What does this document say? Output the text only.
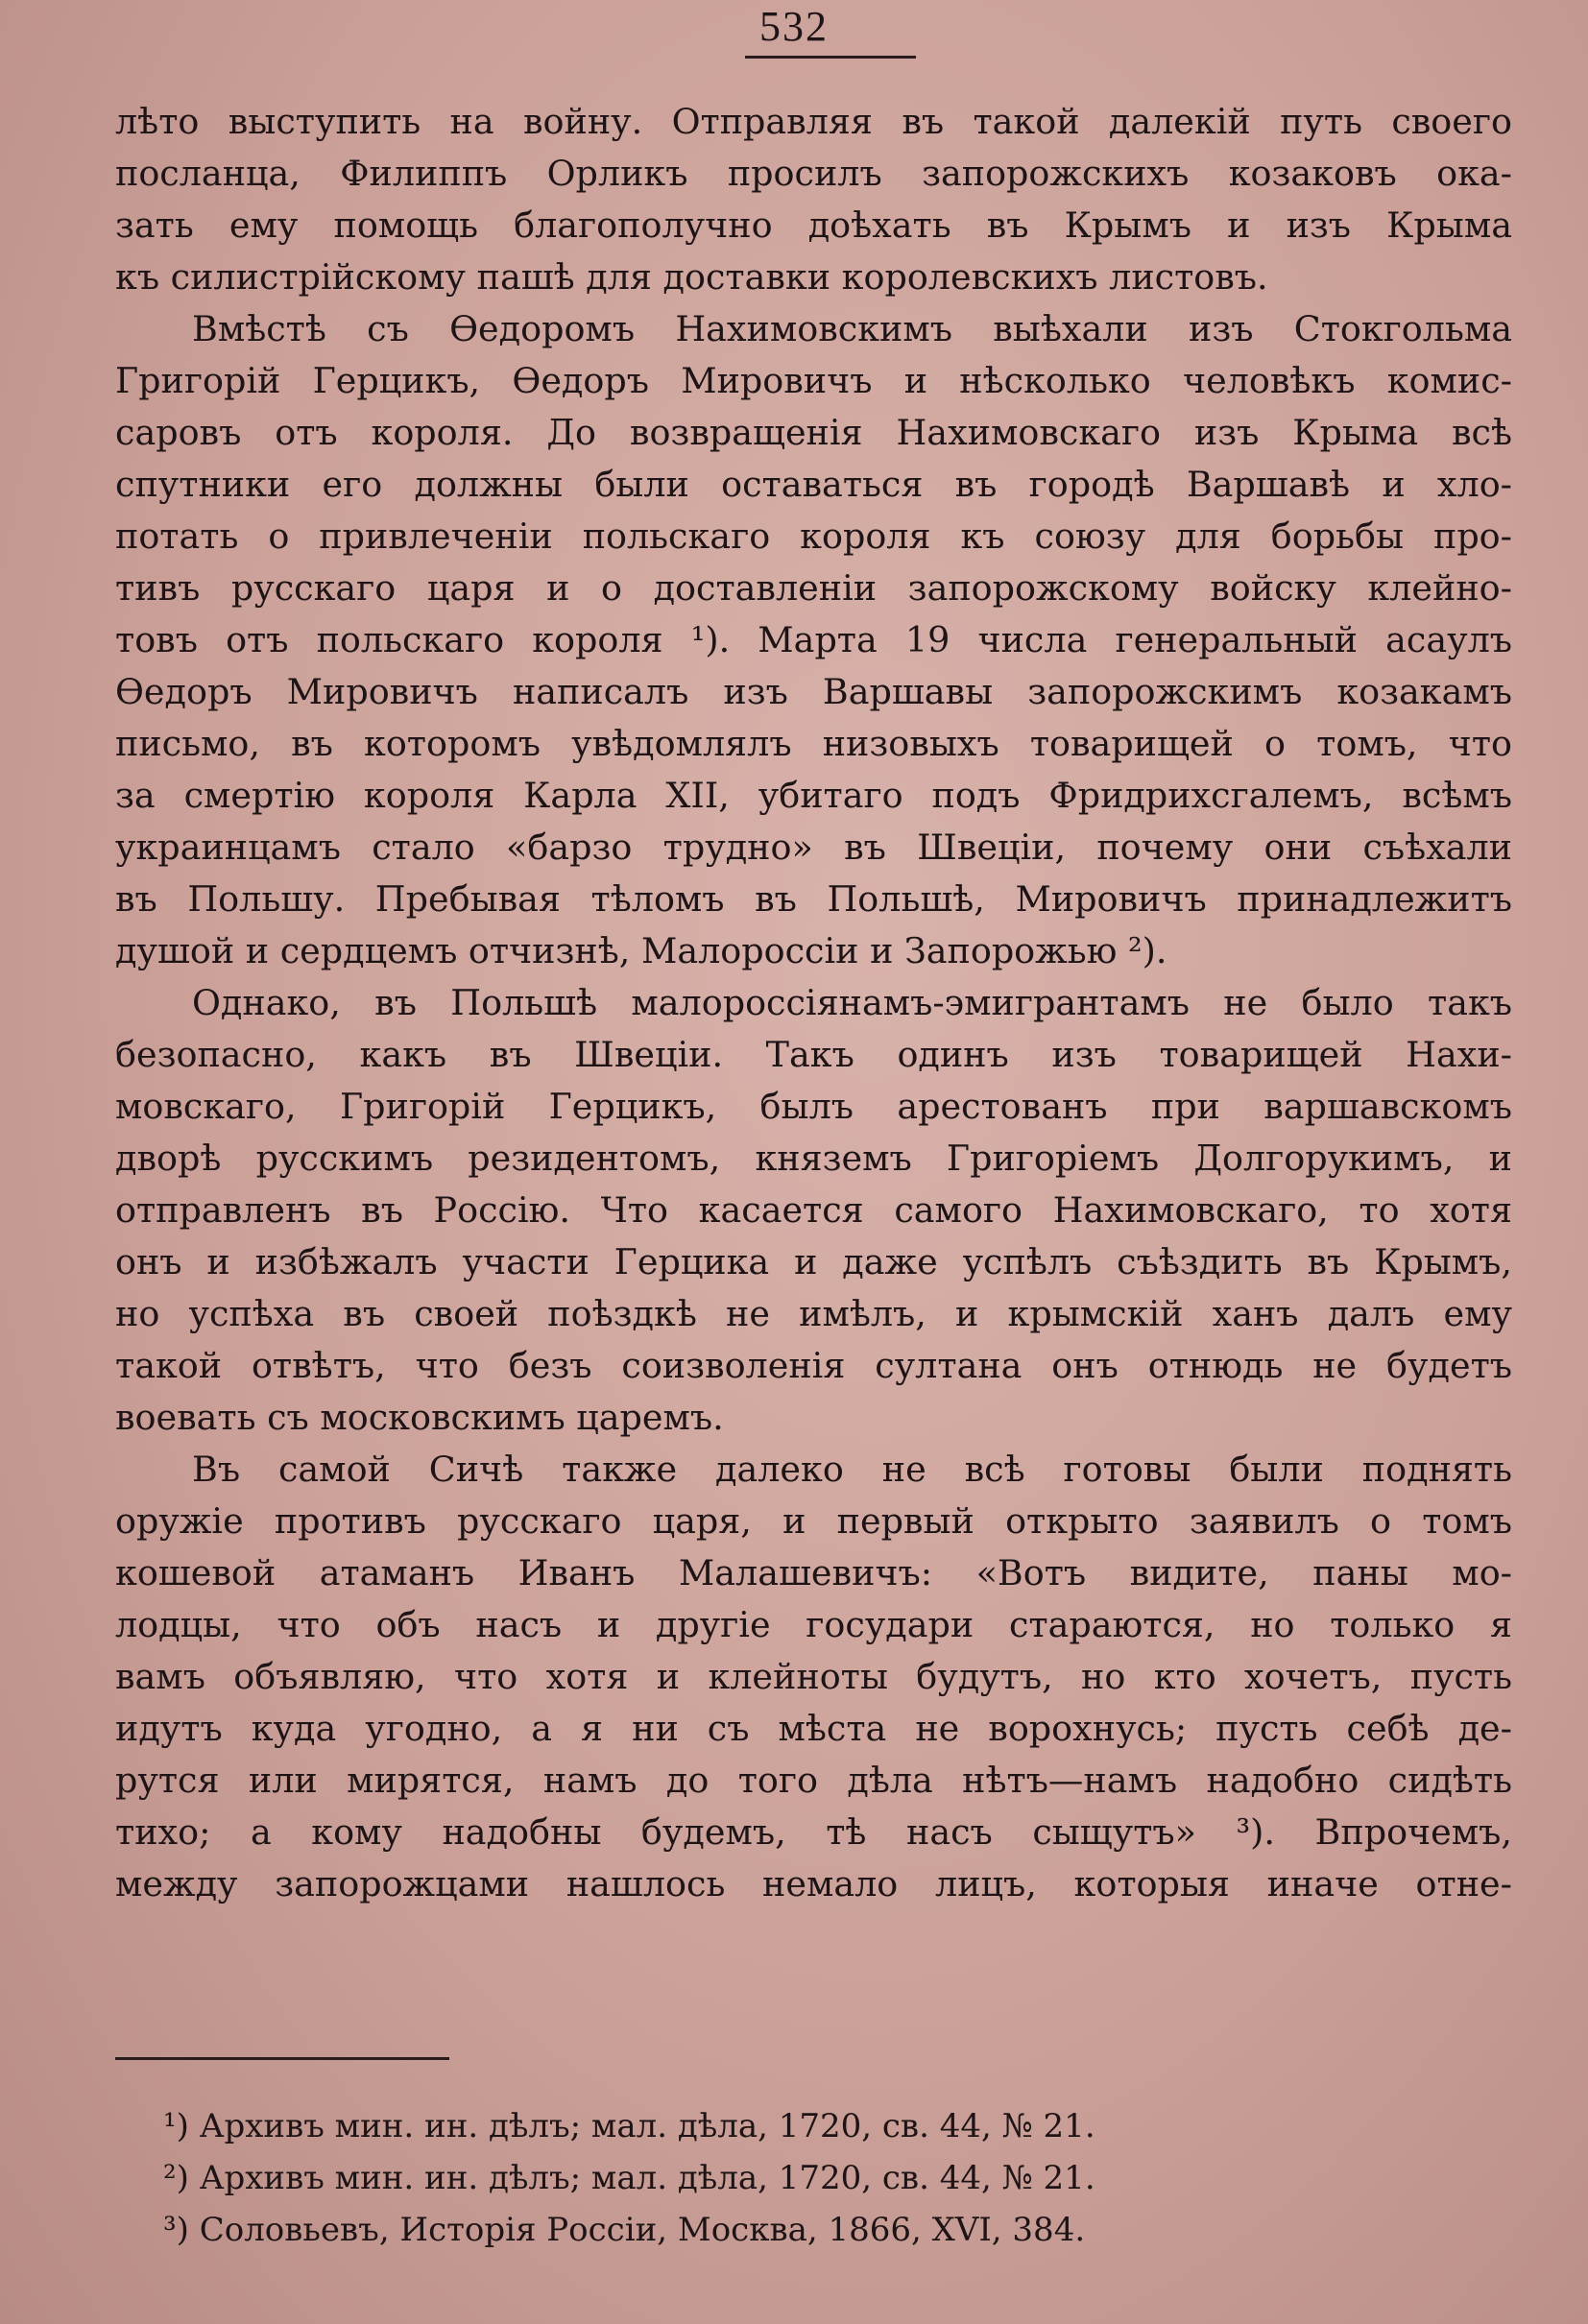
532
лѣто выступить на войну. Отправляя въ такой далекій путь своего
посланца, Филиппъ Орликъ просилъ запорожскихъ козаковъ ока-
зать ему помощь благополучно доѣхать въ Крымъ и изъ Крыма
къ силистрійскому пашѣ для доставки королевскихъ листовъ.
Вмѣстѣ съ Ѳедоромъ Нахимовскимъ выѣхали изъ Стокгольма
Григорій Герцикъ, Ѳедоръ Мировичъ и нѣсколько человѣкъ комис-
саровъ отъ короля. До возвращенія Нахимовскаго изъ Крыма всѣ
спутники его должны были оставаться въ городѣ Варшавѣ и хло-
потать о привлеченіи польскаго короля къ союзу для борьбы про-
тивъ русскаго царя и о доставленіи запорожскому войску клейно-
товъ отъ польскаго короля ¹). Марта 19 числа генеральный асаулъ
Ѳедоръ Мировичъ написалъ изъ Варшавы запорожскимъ козакамъ
письмо, въ которомъ увѣдомлялъ низовыхъ товарищей о томъ, что
за смертію короля Карла XII, убитаго подъ Фридрихсгалемъ, всѣмъ
украинцамъ стало «барзо трудно» въ Швеціи, почему они съѣхали
въ Польшу. Пребывая тѣломъ въ Польшѣ, Мировичъ принадлежитъ
душой и сердцемъ отчизнѣ, Малороссіи и Запорожью ²).
Однако, въ Польшѣ малороссіянамъ-эмигрантамъ не было такъ
безопасно, какъ въ Швеціи. Такъ одинъ изъ товарищей Нахи-
мовскаго, Григорій Герцикъ, былъ арестованъ при варшавскомъ
дворѣ русскимъ резидентомъ, княземъ Григоріемъ Долгорукимъ, и
отправленъ въ Россію. Что касается самого Нахимовскаго, то хотя
онъ и избѣжалъ участи Герцика и даже успѣлъ съѣздить въ Крымъ,
но успѣха въ своей поѣздкѣ не имѣлъ, и крымскій ханъ далъ ему
такой отвѣтъ, что безъ соизволенія султана онъ отнюдь не будетъ
воевать съ московскимъ царемъ.
Въ самой Сичѣ также далеко не всѣ готовы были поднять
оружіе противъ русскаго царя, и первый открыто заявилъ о томъ
кошевой атаманъ Иванъ Малашевичъ: «Вотъ видите, паны мо-
лодцы, что объ насъ и другіе государи стараются, но только я
вамъ объявляю, что хотя и клейноты будутъ, но кто хочетъ, пусть
идутъ куда угодно, а я ни съ мѣста не ворохнусь; пусть себѣ де-
рутся или мирятся, намъ до того дѣла нѣтъ—намъ надобно сидѣть
тихо; а кому надобны будемъ, тѣ насъ сыщутъ» ³). Впрочемъ,
между запорожцами нашлось немало лицъ, которыя иначе отне-
¹) Архивъ мин. ин. дѣлъ; мал. дѣла, 1720, св. 44, № 21.
²) Архивъ мин. ин. дѣлъ; мал. дѣла, 1720, св. 44, № 21.
³) Соловьевъ, Исторія Россіи, Москва, 1866, XVI, 384.
